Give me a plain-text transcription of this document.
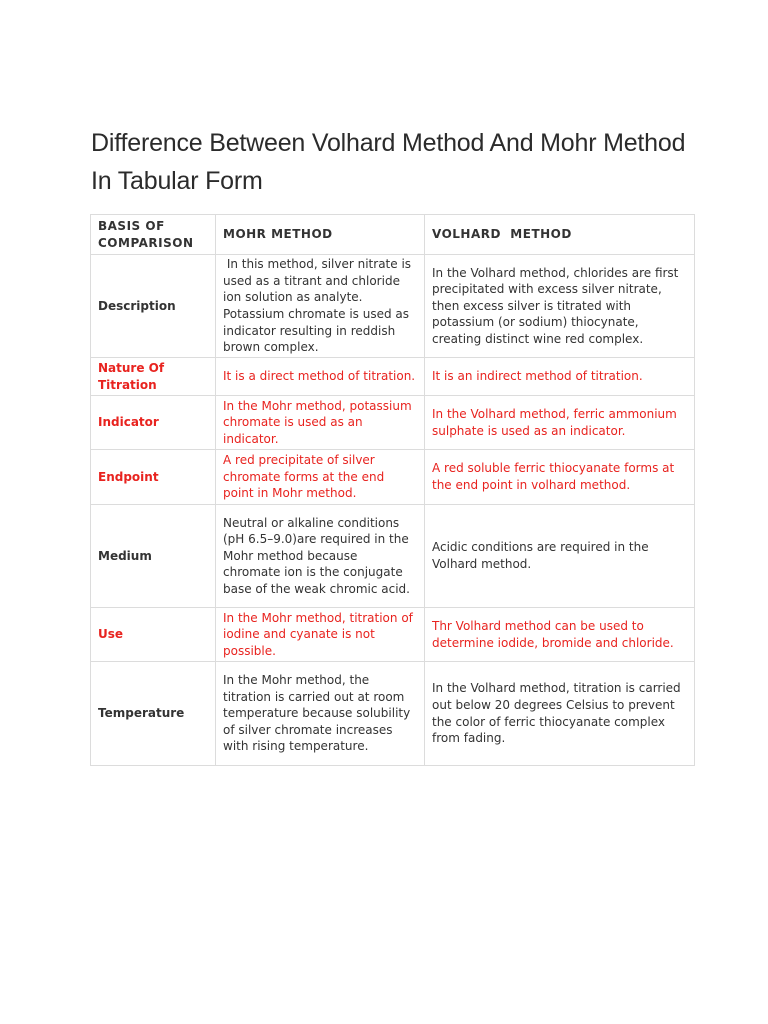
Difference Between Volhard Method And Mohr Method In Tabular Form
BASIS OF COMPARISON	MOHR METHOD	VOLHARD  METHOD
Description	In this method, silver nitrate is used as a titrant and chloride ion solution as analyte. Potassium chromate is used as indicator resulting in reddish brown complex.	In the Volhard method, chlorides are first precipitated with excess silver nitrate, then excess silver is titrated with potassium (or sodium) thiocynate, creating distinct wine red complex.
Nature Of Titration	It is a direct method of titration.	It is an indirect method of titration.
Indicator	In the Mohr method, potassium chromate is used as an indicator.	In the Volhard method, ferric ammonium sulphate is used as an indicator.
Endpoint	A red precipitate of silver chromate forms at the end point in Mohr method.	A red soluble ferric thiocyanate forms at the end point in volhard method.
Medium	Neutral or alkaline conditions (pH 6.5–9.0)are required in the Mohr method because chromate ion is the conjugate base of the weak chromic acid.	Acidic conditions are required in the Volhard method.
Use	In the Mohr method, titration of iodine and cyanate is not possible.	Thr Volhard method can be used to determine iodide, bromide and chloride.
Temperature	In the Mohr method, the titration is carried out at room temperature because solubility of silver chromate increases with rising temperature.	In the Volhard method, titration is carried out below 20 degrees Celsius to prevent the color of ferric thiocyanate complex from fading.
